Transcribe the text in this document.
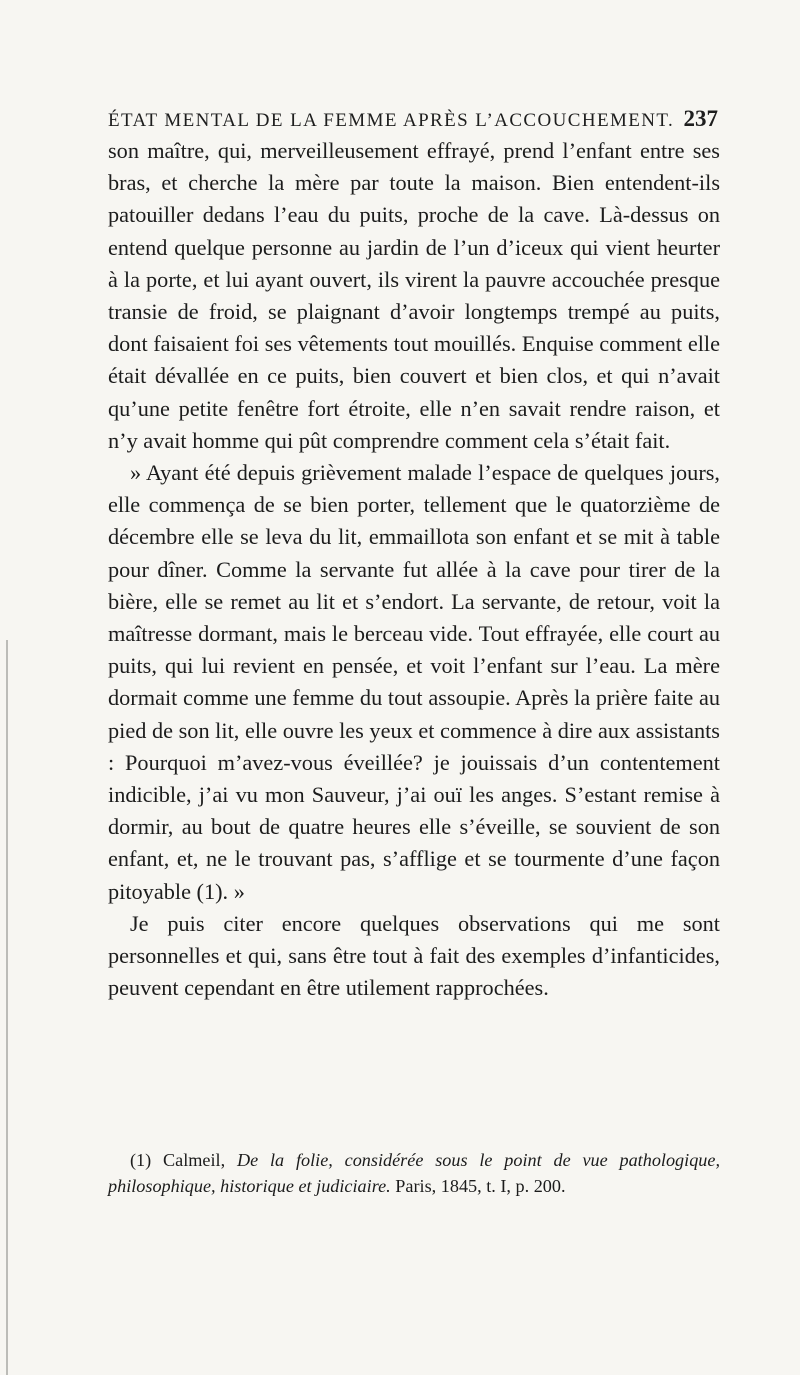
ÉTAT MENTAL DE LA FEMME APRÈS L’ACCOUCHEMENT. 237

son maître, qui, merveilleusement effrayé, prend l’enfant entre ses bras, et cherche la mère par toute la maison. Bien entendent-ils patouiller dedans l’eau du puits, proche de la cave. Là-dessus on entend quelque personne au jardin de l’un d’iceux qui vient heurter à la porte, et lui ayant ouvert, ils virent la pauvre accouchée presque transie de froid, se plaignant d’avoir longtemps trempé au puits, dont faisaient foi ses vêtements tout mouillés. Enquise comment elle était dévallée en ce puits, bien couvert et bien clos, et qui n’avait qu’une petite fenêtre fort étroite, elle n’en savait rendre raison, et n’y avait homme qui pût comprendre comment cela s’était fait.

» Ayant été depuis grièvement malade l’espace de quelques jours, elle commença de se bien porter, tellement que le quatorzième de décembre elle se leva du lit, emmaillota son enfant et se mit à table pour dîner. Comme la servante fut allée à la cave pour tirer de la bière, elle se remet au lit et s’endort. La servante, de retour, voit la maîtresse dormant, mais le berceau vide. Tout effrayée, elle court au puits, qui lui revient en pensée, et voit l’enfant sur l’eau. La mère dormait comme une femme du tout assoupie. Après la prière faite au pied de son lit, elle ouvre les yeux et commence à dire aux assistants : Pourquoi m’avez-vous éveillée? je jouissais d’un contentement indicible, j’ai vu mon Sauveur, j’ai ouï les anges. S’estant remise à dormir, au bout de quatre heures elle s’éveille, se souvient de son enfant, et, ne le trouvant pas, s’afflige et se tourmente d’une façon pitoyable (1). »

Je puis citer encore quelques observations qui me sont personnelles et qui, sans être tout à fait des exemples d’infanticides, peuvent cependant en être utilement rapprochées.

(1) Calmeil, De la folie, considérée sous le point de vue pathologique, philosophique, historique et judiciaire. Paris, 1845, t. I, p. 200.
